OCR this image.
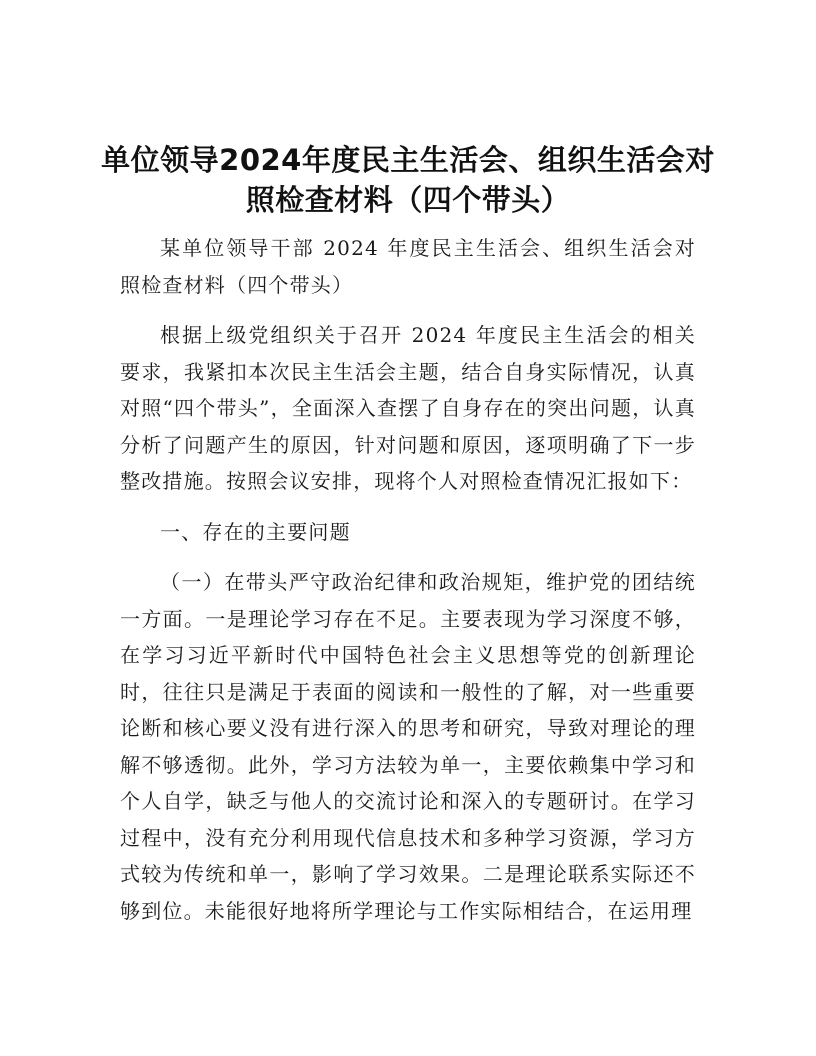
单位领导2024年度民主生活会、组织生活会对照检查材料（四个带头）

某单位领导干部 2024 年度民主生活会、组织生活会对照检查材料（四个带头）

根据上级党组织关于召开 2024 年度民主生活会的相关要求，我紧扣本次民主生活会主题，结合自身实际情况，认真对照“四个带头”，全面深入查摆了自身存在的突出问题，认真分析了问题产生的原因，针对问题和原因，逐项明确了下一步整改措施。按照会议安排，现将个人对照检查情况汇报如下：

一、存在的主要问题

（一）在带头严守政治纪律和政治规矩，维护党的团结统一方面。一是理论学习存在不足。主要表现为学习深度不够，在学习习近平新时代中国特色社会主义思想等党的创新理论时，往往只是满足于表面的阅读和一般性的了解，对一些重要论断和核心要义没有进行深入的思考和研究，导致对理论的理解不够透彻。此外，学习方法较为单一，主要依赖集中学习和个人自学，缺乏与他人的交流讨论和深入的专题研讨。在学习过程中，没有充分利用现代信息技术和多种学习资源，学习方式较为传统和单一，影响了学习效果。二是理论联系实际还不够到位。未能很好地将所学理论与工作实际相结合，在运用理
